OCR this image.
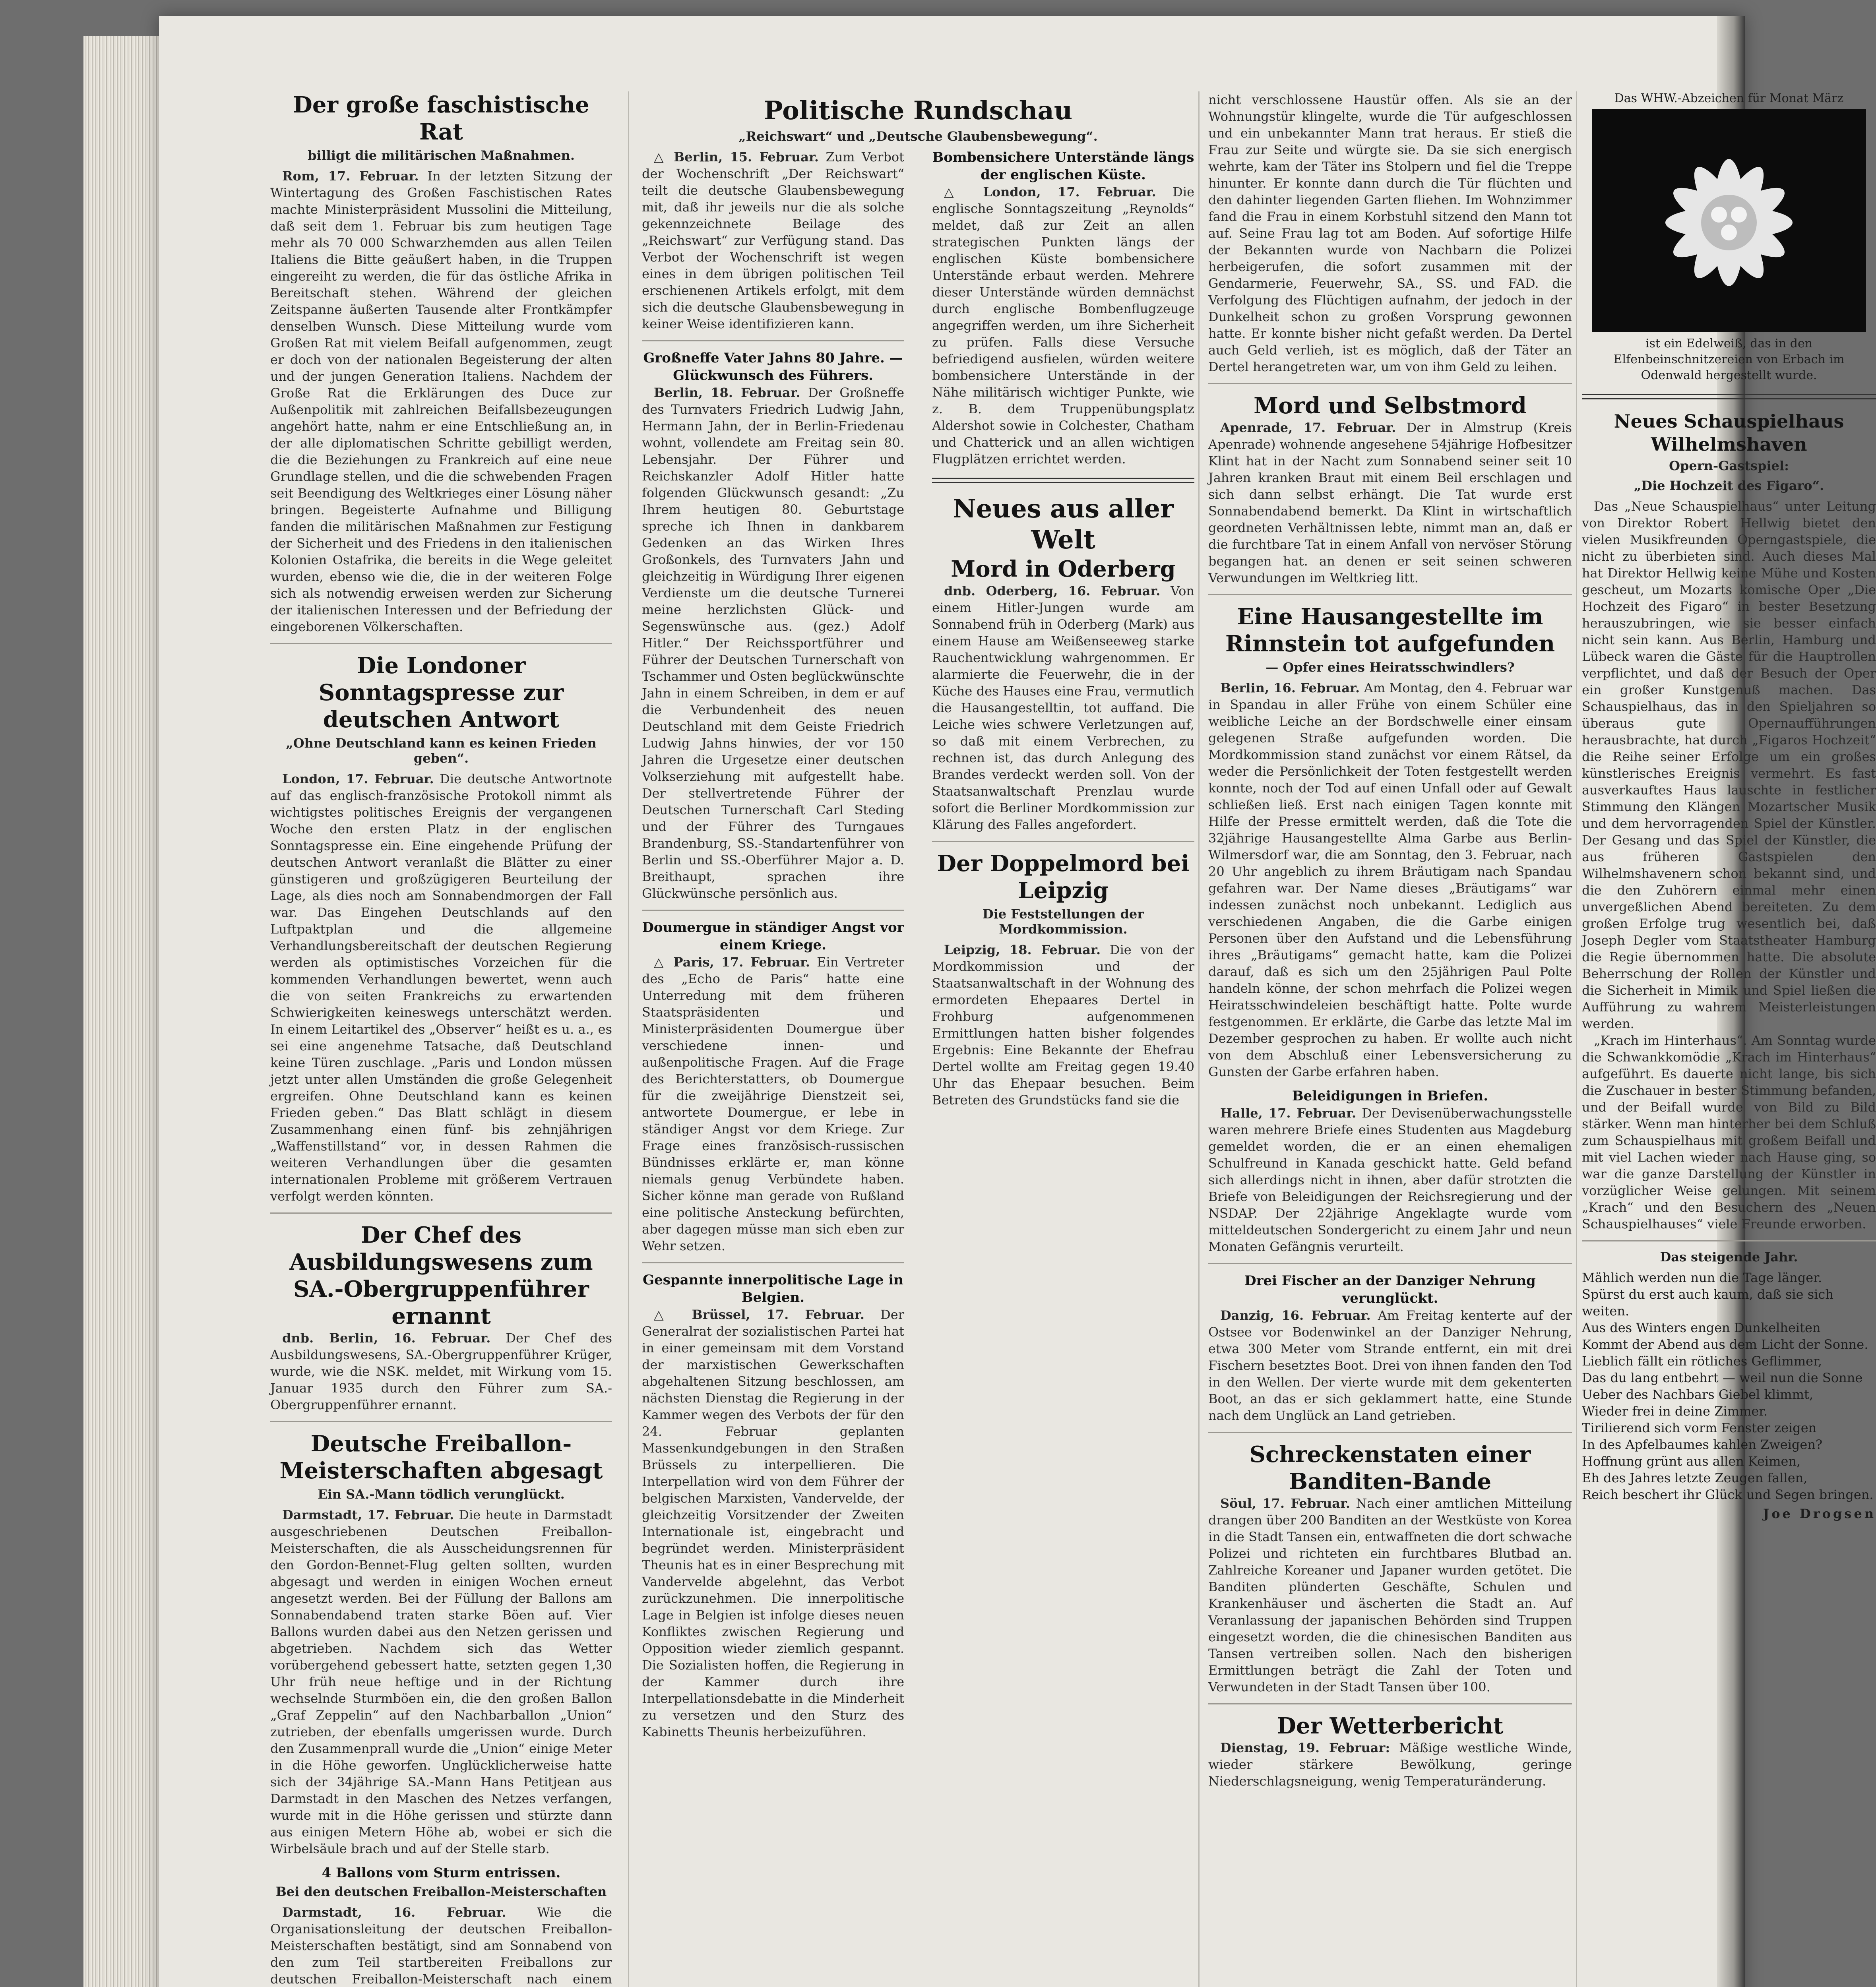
Der große faschistische Rat
billigt die militärischen Maßnahmen.

Rom, 17. Februar. In der letzten Sitzung der Wintertagung des Großen Faschistischen Rates machte Ministerpräsident Mussolini die Mitteilung, daß seit dem 1. Februar bis zum heutigen Tage mehr als 70 000 Schwarzhemden aus allen Teilen Italiens die Bitte geäußert haben, in die Truppen eingereiht zu werden, die für das östliche Afrika in Bereitschaft stehen. Während der gleichen Zeitspanne äußerten Tausende alter Frontkämpfer denselben Wunsch. Diese Mitteilung wurde vom Großen Rat mit vielem Beifall aufgenommen, zeugt er doch von der nationalen Begeisterung der alten und der jungen Generation Italiens. Nachdem der Große Rat die Erklärungen des Duce zur Außenpolitik mit zahlreichen Beifallsbezeugungen angehört hatte, nahm er eine Entschließung an, in der alle diplomatischen Schritte gebilligt werden, die die Beziehungen zu Frankreich auf eine neue Grundlage stellen, und die die schwebenden Fragen seit Beendigung des Weltkrieges einer Lösung näher bringen. Begeisterte Aufnahme und Billigung fanden die militärischen Maßnahmen zur Festigung der Sicherheit und des Friedens in den italienischen Kolonien Ostafrika, die bereits in die Wege geleitet wurden, ebenso wie die, die in der weiteren Folge sich als notwendig erweisen werden zur Sicherung der italienischen Interessen und der Befriedung der eingeborenen Völkerschaften.

Die Londoner Sonntagspresse zur deutschen Antwort
„Ohne Deutschland kann es keinen Frieden geben“.

London, 17. Februar. Die deutsche Antwortnote auf das englisch-französische Protokoll nimmt als wichtigstes politisches Ereignis der vergangenen Woche den ersten Platz in der englischen Sonntagspresse ein. Eine eingehende Prüfung der deutschen Antwort veranlaßt die Blätter zu einer günstigeren und großzügigeren Beurteilung der Lage, als dies noch am Sonnabendmorgen der Fall war. Das Eingehen Deutschlands auf den Luftpaktplan und die allgemeine Verhandlungsbereitschaft der deutschen Regierung werden als optimistisches Vorzeichen für die kommenden Verhandlungen bewertet, wenn auch die von seiten Frankreichs zu erwartenden Schwierigkeiten keineswegs unterschätzt werden. In einem Leitartikel des „Observer“ heißt es u. a., es sei eine angenehme Tatsache, daß Deutschland keine Türen zuschlage. „Paris und London müssen jetzt unter allen Umständen die große Gelegenheit ergreifen. Ohne Deutschland kann es keinen Frieden geben.“ Das Blatt schlägt in diesem Zusammenhang einen fünf- bis zehnjährigen „Waffenstillstand“ vor, in dessen Rahmen die weiteren Verhandlungen über die gesamten internationalen Probleme mit größerem Vertrauen verfolgt werden könnten.

Der Chef des Ausbildungswesens zum SA.-Obergruppenführer ernannt

dnb. Berlin, 16. Februar. Der Chef des Ausbildungswesens, SA.-Obergruppenführer Krüger, wurde, wie die NSK. meldet, mit Wirkung vom 15. Januar 1935 durch den Führer zum SA.-Obergruppenführer ernannt.

Deutsche Freiballon-Meisterschaften abgesagt
Ein SA.-Mann tödlich verunglückt.

Darmstadt, 17. Februar. Die heute in Darmstadt ausgeschriebenen Deutschen Freiballon-Meisterschaften, die als Ausscheidungsrennen für den Gordon-Bennet-Flug gelten sollten, wurden abgesagt und werden in einigen Wochen erneut angesetzt werden. Bei der Füllung der Ballons am Sonnabendabend traten starke Böen auf. Vier Ballons wurden dabei aus den Netzen gerissen und abgetrieben. Nachdem sich das Wetter vorübergehend gebessert hatte, setzten gegen 1,30 Uhr früh neue heftige und in der Richtung wechselnde Sturmböen ein, die den großen Ballon „Graf Zeppelin“ auf den Nachbarballon „Union“ zutrieben, der ebenfalls umgerissen wurde. Durch den Zusammenprall wurde die „Union“ einige Meter in die Höhe geworfen. Unglücklicherweise hatte sich der 34jährige SA.-Mann Hans Petitjean aus Darmstadt in den Maschen des Netzes verfangen, wurde mit in die Höhe gerissen und stürzte dann aus einigen Metern Höhe ab, wobei er sich die Wirbelsäule brach und auf der Stelle starb.

4 Ballons vom Sturm entrissen.
Bei den deutschen Freiballon-Meisterschaften

Darmstadt, 16. Februar. Wie die Organisationsleitung der deutschen Freiballon-Meisterschaften bestätigt, sind am Sonnabend von den zum Teil startbereiten Freiballons zur deutschen Freiballon-Meisterschaft nach einem

Politische Rundschau
„Reichswart“ und „Deutsche Glaubensbewegung“.

△ Berlin, 15. Februar. Zum Verbot der Wochenschrift „Der Reichswart“ teilt die deutsche Glaubensbewegung mit, daß ihr jeweils nur die als solche gekennzeichnete Beilage des „Reichswart“ zur Verfügung stand. Das Verbot der Wochenschrift ist wegen eines in dem übrigen politischen Teil erschienenen Artikels erfolgt, mit dem sich die deutsche Glaubensbewegung in keiner Weise identifizieren kann.

Großneffe Vater Jahns 80 Jahre. — Glückwunsch des Führers.

Berlin, 18. Februar. Der Großneffe des Turnvaters Friedrich Ludwig Jahn, Hermann Jahn, der in Berlin-Friedenau wohnt, vollendete am Freitag sein 80. Lebensjahr. Der Führer und Reichskanzler Adolf Hitler hatte folgenden Glückwunsch gesandt: „Zu Ihrem heutigen 80. Geburtstage spreche ich Ihnen in dankbarem Gedenken an das Wirken Ihres Großonkels, des Turnvaters Jahn und gleichzeitig in Würdigung Ihrer eigenen Verdienste um die deutsche Turnerei meine herzlichsten Glück- und Segenswünsche aus. (gez.) Adolf Hitler.“ Der Reichssportführer und Führer der Deutschen Turnerschaft von Tschammer und Osten beglückwünschte Jahn in einem Schreiben, in dem er auf die Verbundenheit des neuen Deutschland mit dem Geiste Friedrich Ludwig Jahns hinwies, der vor 150 Jahren die Urgesetze einer deutschen Volkserziehung mit aufgestellt habe. Der stellvertretende Führer der Deutschen Turnerschaft Carl Steding und der Führer des Turngaues Brandenburg, SS.-Standartenführer von Berlin und SS.-Oberführer Major a. D. Breithaupt, sprachen ihre Glückwünsche persönlich aus.

Doumergue in ständiger Angst vor einem Kriege.

△ Paris, 17. Februar. Ein Vertreter des „Echo de Paris“ hatte eine Unterredung mit dem früheren Staatspräsidenten und Ministerpräsidenten Doumergue über verschiedene innen- und außenpolitische Fragen. Auf die Frage des Berichterstatters, ob Doumergue für die zweijährige Dienstzeit sei, antwortete Doumergue, er lebe in ständiger Angst vor dem Kriege. Zur Frage eines französisch-russischen Bündnisses erklärte er, man könne niemals genug Verbündete haben. Sicher könne man gerade von Rußland eine politische Ansteckung befürchten, aber dagegen müsse man sich eben zur Wehr setzen.

Gespannte innerpolitische Lage in Belgien.

△ Brüssel, 17. Februar. Der Generalrat der sozialistischen Partei hat in einer gemeinsam mit dem Vorstand der marxistischen Gewerkschaften abgehaltenen Sitzung beschlossen, am nächsten Dienstag die Regierung in der Kammer wegen des Verbots der für den 24. Februar geplanten Massenkundgebungen in den Straßen Brüssels zu interpellieren. Die Interpellation wird von dem Führer der belgischen Marxisten, Vandervelde, der gleichzeitig Vorsitzender der Zweiten Internationale ist, eingebracht und begründet werden. Ministerpräsident Theunis hat es in einer Besprechung mit Vandervelde abgelehnt, das Verbot zurückzunehmen. Die innerpolitische Lage in Belgien ist infolge dieses neuen Konfliktes zwischen Regierung und Opposition wieder ziemlich gespannt. Die Sozialisten hoffen, die Regierung in der Kammer durch ihre Interpellationsdebatte in die Minderheit zu versetzen und den Sturz des Kabinetts Theunis herbeizuführen.

Bombensichere Unterstände längs der englischen Küste.

△ London, 17. Februar. Die englische Sonntagszeitung „Reynolds“ meldet, daß zur Zeit an allen strategischen Punkten längs der englischen Küste bombensichere Unterstände erbaut werden. Mehrere dieser Unterstände würden demnächst durch englische Bombenflugzeuge angegriffen werden, um ihre Sicherheit zu prüfen. Falls diese Versuche befriedigend ausfielen, würden weitere bombensichere Unterstände in der Nähe militärisch wichtiger Punkte, wie z. B. dem Truppenübungsplatz Aldershot sowie in Colchester, Chatham und Chatterick und an allen wichtigen Flugplätzen errichtet werden.

Neues aus aller Welt
Mord in Oderberg

dnb. Oderberg, 16. Februar. Von einem Hitler-Jungen wurde am Sonnabend früh in Oderberg (Mark) aus einem Hause am Weißenseeweg starke Rauchentwicklung wahrgenommen. Er alarmierte die Feuerwehr, die in der Küche des Hauses eine Frau, vermutlich die Hausangestelltin, tot auffand. Die Leiche wies schwere Verletzungen auf, so daß mit einem Verbrechen, zu rechnen ist, das durch Anlegung des Brandes verdeckt werden soll. Von der Staatsanwaltschaft Prenzlau wurde sofort die Berliner Mordkommission zur Klärung des Falles angefordert.

Der Doppelmord bei Leipzig
Die Feststellungen der Mordkommission.

Leipzig, 18. Februar. Die von der Mordkommission und der Staatsanwaltschaft in der Wohnung des ermordeten Ehepaares Dertel in Frohburg aufgenommenen Ermittlungen hatten bisher folgendes Ergebnis: Eine Bekannte der Ehefrau Dertel wollte am Freitag gegen 19.40 Uhr das Ehepaar besuchen. Beim Betreten des Grundstücks fand sie die

nicht verschlossene Haustür offen. Als sie an der Wohnungstür klingelte, wurde die Tür aufgeschlossen und ein unbekannter Mann trat heraus. Er stieß die Frau zur Seite und würgte sie. Da sie sich energisch wehrte, kam der Täter ins Stolpern und fiel die Treppe hinunter. Er konnte dann durch die Tür flüchten und den dahinter liegenden Garten fliehen. Im Wohnzimmer fand die Frau in einem Korbstuhl sitzend den Mann tot auf. Seine Frau lag tot am Boden. Auf sofortige Hilfe der Bekannten wurde von Nachbarn die Polizei herbeigerufen, die sofort zusammen mit der Gendarmerie, Feuerwehr, SA., SS. und FAD. die Verfolgung des Flüchtigen aufnahm, der jedoch in der Dunkelheit schon zu großen Vorsprung gewonnen hatte. Er konnte bisher nicht gefaßt werden. Da Dertel auch Geld verlieh, ist es möglich, daß der Täter an Dertel herangetreten war, um von ihm Geld zu leihen.

Mord und Selbstmord

Apenrade, 17. Februar. Der in Almstrup (Kreis Apenrade) wohnende angesehene 54jährige Hofbesitzer Klint hat in der Nacht zum Sonnabend seiner seit 10 Jahren kranken Braut mit einem Beil erschlagen und sich dann selbst erhängt. Die Tat wurde erst Sonnabendabend bemerkt. Da Klint in wirtschaftlich geordneten Verhältnissen lebte, nimmt man an, daß er die furchtbare Tat in einem Anfall von nervöser Störung begangen hat. an denen er seit seinen schweren Verwundungen im Weltkrieg litt.

Eine Hausangestellte im Rinnstein tot aufgefunden
— Opfer eines Heiratsschwindlers?

Berlin, 16. Februar. Am Montag, den 4. Februar war in Spandau in aller Frühe von einem Schüler eine weibliche Leiche an der Bordschwelle einer einsam gelegenen Straße aufgefunden worden. Die Mordkommission stand zunächst vor einem Rätsel, da weder die Persönlichkeit der Toten festgestellt werden konnte, noch der Tod auf einen Unfall oder auf Gewalt schließen ließ. Erst nach einigen Tagen konnte mit Hilfe der Presse ermittelt werden, daß die Tote die 32jährige Hausangestellte Alma Garbe aus Berlin-Wilmersdorf war, die am Sonntag, den 3. Februar, nach 20 Uhr angeblich zu ihrem Bräutigam nach Spandau gefahren war. Der Name dieses „Bräutigams“ war indessen zunächst noch unbekannt. Lediglich aus verschiedenen Angaben, die die Garbe einigen Personen über den Aufstand und die Lebensführung ihres „Bräutigams“ gemacht hatte, kam die Polizei darauf, daß es sich um den 25jährigen Paul Polte handeln könne, der schon mehrfach die Polizei wegen Heiratsschwindeleien beschäftigt hatte. Polte wurde festgenommen. Er erklärte, die Garbe das letzte Mal im Dezember gesprochen zu haben. Er wollte auch nicht von dem Abschluß einer Lebensversicherung zu Gunsten der Garbe erfahren haben.

Beleidigungen in Briefen.

Halle, 17. Februar. Der Devisenüberwachungsstelle waren mehrere Briefe eines Studenten aus Magdeburg gemeldet worden, die er an einen ehemaligen Schulfreund in Kanada geschickt hatte. Geld befand sich allerdings nicht in ihnen, aber dafür strotzten die Briefe von Beleidigungen der Reichsregierung und der NSDAP. Der 22jährige Angeklagte wurde vom mitteldeutschen Sondergericht zu einem Jahr und neun Monaten Gefängnis verurteilt.

Drei Fischer an der Danziger Nehrung verunglückt.

Danzig, 16. Februar. Am Freitag kenterte auf der Ostsee vor Bodenwinkel an der Danziger Nehrung, etwa 300 Meter vom Strande entfernt, ein mit drei Fischern besetztes Boot. Drei von ihnen fanden den Tod in den Wellen. Der vierte wurde mit dem gekenterten Boot, an das er sich geklammert hatte, eine Stunde nach dem Unglück an Land getrieben.

Schreckenstaten einer Banditen-Bande

Söul, 17. Februar. Nach einer amtlichen Mitteilung drangen über 200 Banditen an der Westküste von Korea in die Stadt Tansen ein, entwaffneten die dort schwache Polizei und richteten ein furchtbares Blutbad an. Zahlreiche Koreaner und Japaner wurden getötet. Die Banditen plünderten Geschäfte, Schulen und Krankenhäuser und äscherten die Stadt an. Auf Veranlassung der japanischen Behörden sind Truppen eingesetzt worden, die die chinesischen Banditen aus Tansen vertreiben sollen. Nach den bisherigen Ermittlungen beträgt die Zahl der Toten und Verwundeten in der Stadt Tansen über 100.

Der Wetterbericht

Dienstag, 19. Februar: Mäßige westliche Winde, wieder stärkere Bewölkung, geringe Niederschlagsneigung, wenig Temperaturänderung.

Das WHW.-Abzeichen für Monat März
ist ein Edelweiß, das in den Elfenbeinschnitzereien von Erbach im Odenwald hergestellt wurde.
Neues Schauspielhaus Wilhelmshaven
Opern-Gastspiel:
„Die Hochzeit des Figaro“.

Das „Neue Schauspielhaus“ unter Leitung von Direktor Robert Hellwig bietet den vielen Musikfreunden Operngastspiele, die nicht zu überbieten sind. Auch dieses Mal hat Direktor Hellwig keine Mühe und Kosten gescheut, um Mozarts komische Oper „Die Hochzeit des Figaro“ in bester Besetzung herauszubringen, wie sie besser einfach nicht sein kann. Aus Berlin, Hamburg und Lübeck waren die Gäste für die Hauptrollen verpflichtet, und daß der Besuch der Oper ein großer Kunstgenuß machen. Das Schauspielhaus, das in den Spieljahren so überaus gute Opernaufführungen herausbrachte, hat durch „Figaros Hochzeit“ die Reihe seiner Erfolge um ein großes künstlerisches Ereignis vermehrt. Es fast ausverkauftes Haus lauschte in festlicher Stimmung den Klängen Mozartscher Musik und dem hervorragenden Spiel der Künstler. Der Gesang und das Spiel der Künstler, die aus früheren Gastspielen den Wilhelmshavenern schon bekannt sind, und die den Zuhörern einmal mehr einen unvergeßlichen Abend bereiteten. Zu dem großen Erfolge trug wesentlich bei, daß Joseph Degler vom Staatstheater Hamburg die Regie übernommen hatte. Die absolute Beherrschung der Rollen der Künstler und die Sicherheit in Mimik und Spiel ließen die Aufführung zu wahrem Meisterleistungen werden.

„Krach im Hinterhaus“. Am Sonntag wurde die Schwankkomödie „Krach im Hinterhaus“ aufgeführt. Es dauerte nicht lange, bis sich die Zuschauer in bester Stimmung befanden, und der Beifall wurde von Bild zu Bild stärker. Wenn man hinterher bei dem Schluß zum Schauspielhaus mit großem Beifall und mit viel Lachen wieder nach Hause ging, so war die ganze Darstellung der Künstler in vorzüglicher Weise gelungen. Mit seinem „Krach“ und den Besuchern des „Neuen Schauspielhauses“ viele Freunde erworben.

Das steigende Jahr.

Mählich werden nun die Tage länger.

Spürst du erst auch kaum, daß sie sich weiten.

Aus des Winters engen Dunkelheiten

Kommt der Abend aus dem Licht der Sonne.

Lieblich fällt ein rötliches Geflimmer,

Das du lang entbehrt — weil nun die Sonne

Ueber des Nachbars Giebel klimmt,

Wieder frei in deine Zimmer.

Tirilierend sich vorm Fenster zeigen

In des Apfelbaumes kahlen Zweigen?

Hoffnung grünt aus allen Keimen,

Eh des Jahres letzte Zeugen fallen,

Reich beschert ihr Glück und Segen bringen.

Joe Drogsen
